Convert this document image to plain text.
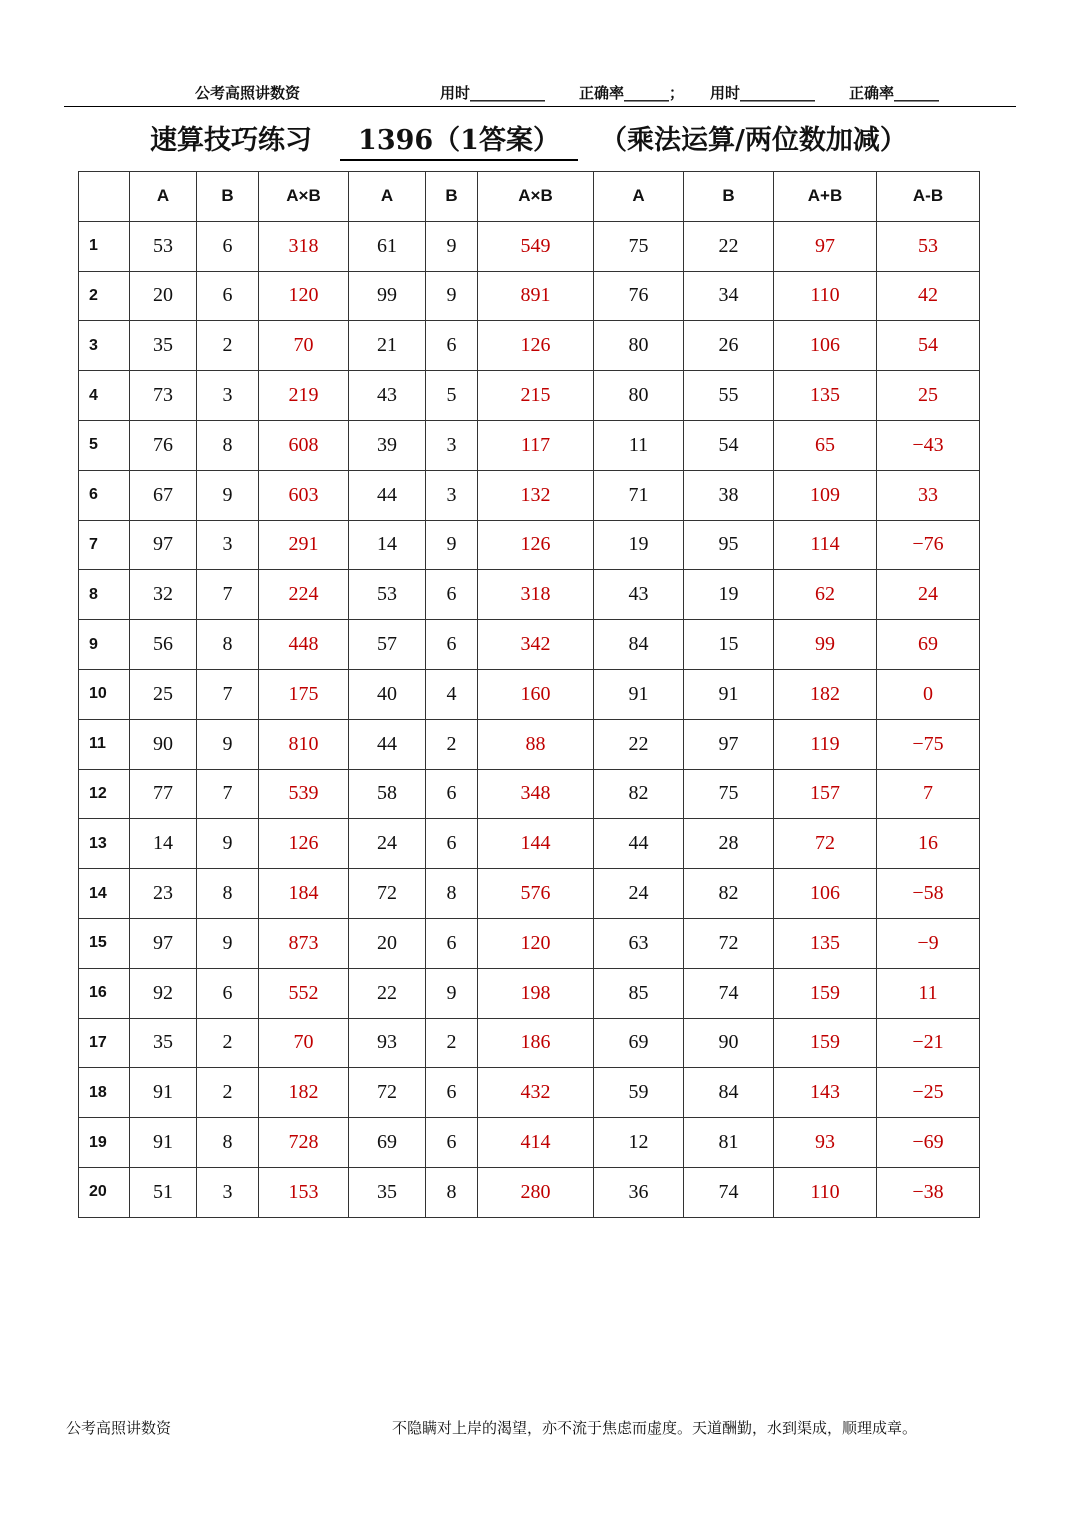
公考高照讲数资	用时__________ 正确率______； 用时__________ 正确率______
速算技巧练习	1396（1答案）	（乘法运算/两位数加减）
	A	B	A×B	A	B	A×B	A	B	A+B	A-B
1	53	6	318	61	9	549	75	22	97	53
2	20	6	120	99	9	891	76	34	110	42
3	35	2	70	21	6	126	80	26	106	54
4	73	3	219	43	5	215	80	55	135	25
5	76	8	608	39	3	117	11	54	65	−43
6	67	9	603	44	3	132	71	38	109	33
7	97	3	291	14	9	126	19	95	114	−76
8	32	7	224	53	6	318	43	19	62	24
9	56	8	448	57	6	342	84	15	99	69
10	25	7	175	40	4	160	91	91	182	0
11	90	9	810	44	2	88	22	97	119	−75
12	77	7	539	58	6	348	82	75	157	7
13	14	9	126	24	6	144	44	28	72	16
14	23	8	184	72	8	576	24	82	106	−58
15	97	9	873	20	6	120	63	72	135	−9
16	92	6	552	22	9	198	85	74	159	11
17	35	2	70	93	2	186	69	90	159	−21
18	91	2	182	72	6	432	59	84	143	−25
19	91	8	728	69	6	414	12	81	93	−69
20	51	3	153	35	8	280	36	74	110	−38
公考高照讲数资	不隐瞒对上岸的渴望，亦不流于焦虑而虚度。天道酬勤，水到渠成，顺理成章。
